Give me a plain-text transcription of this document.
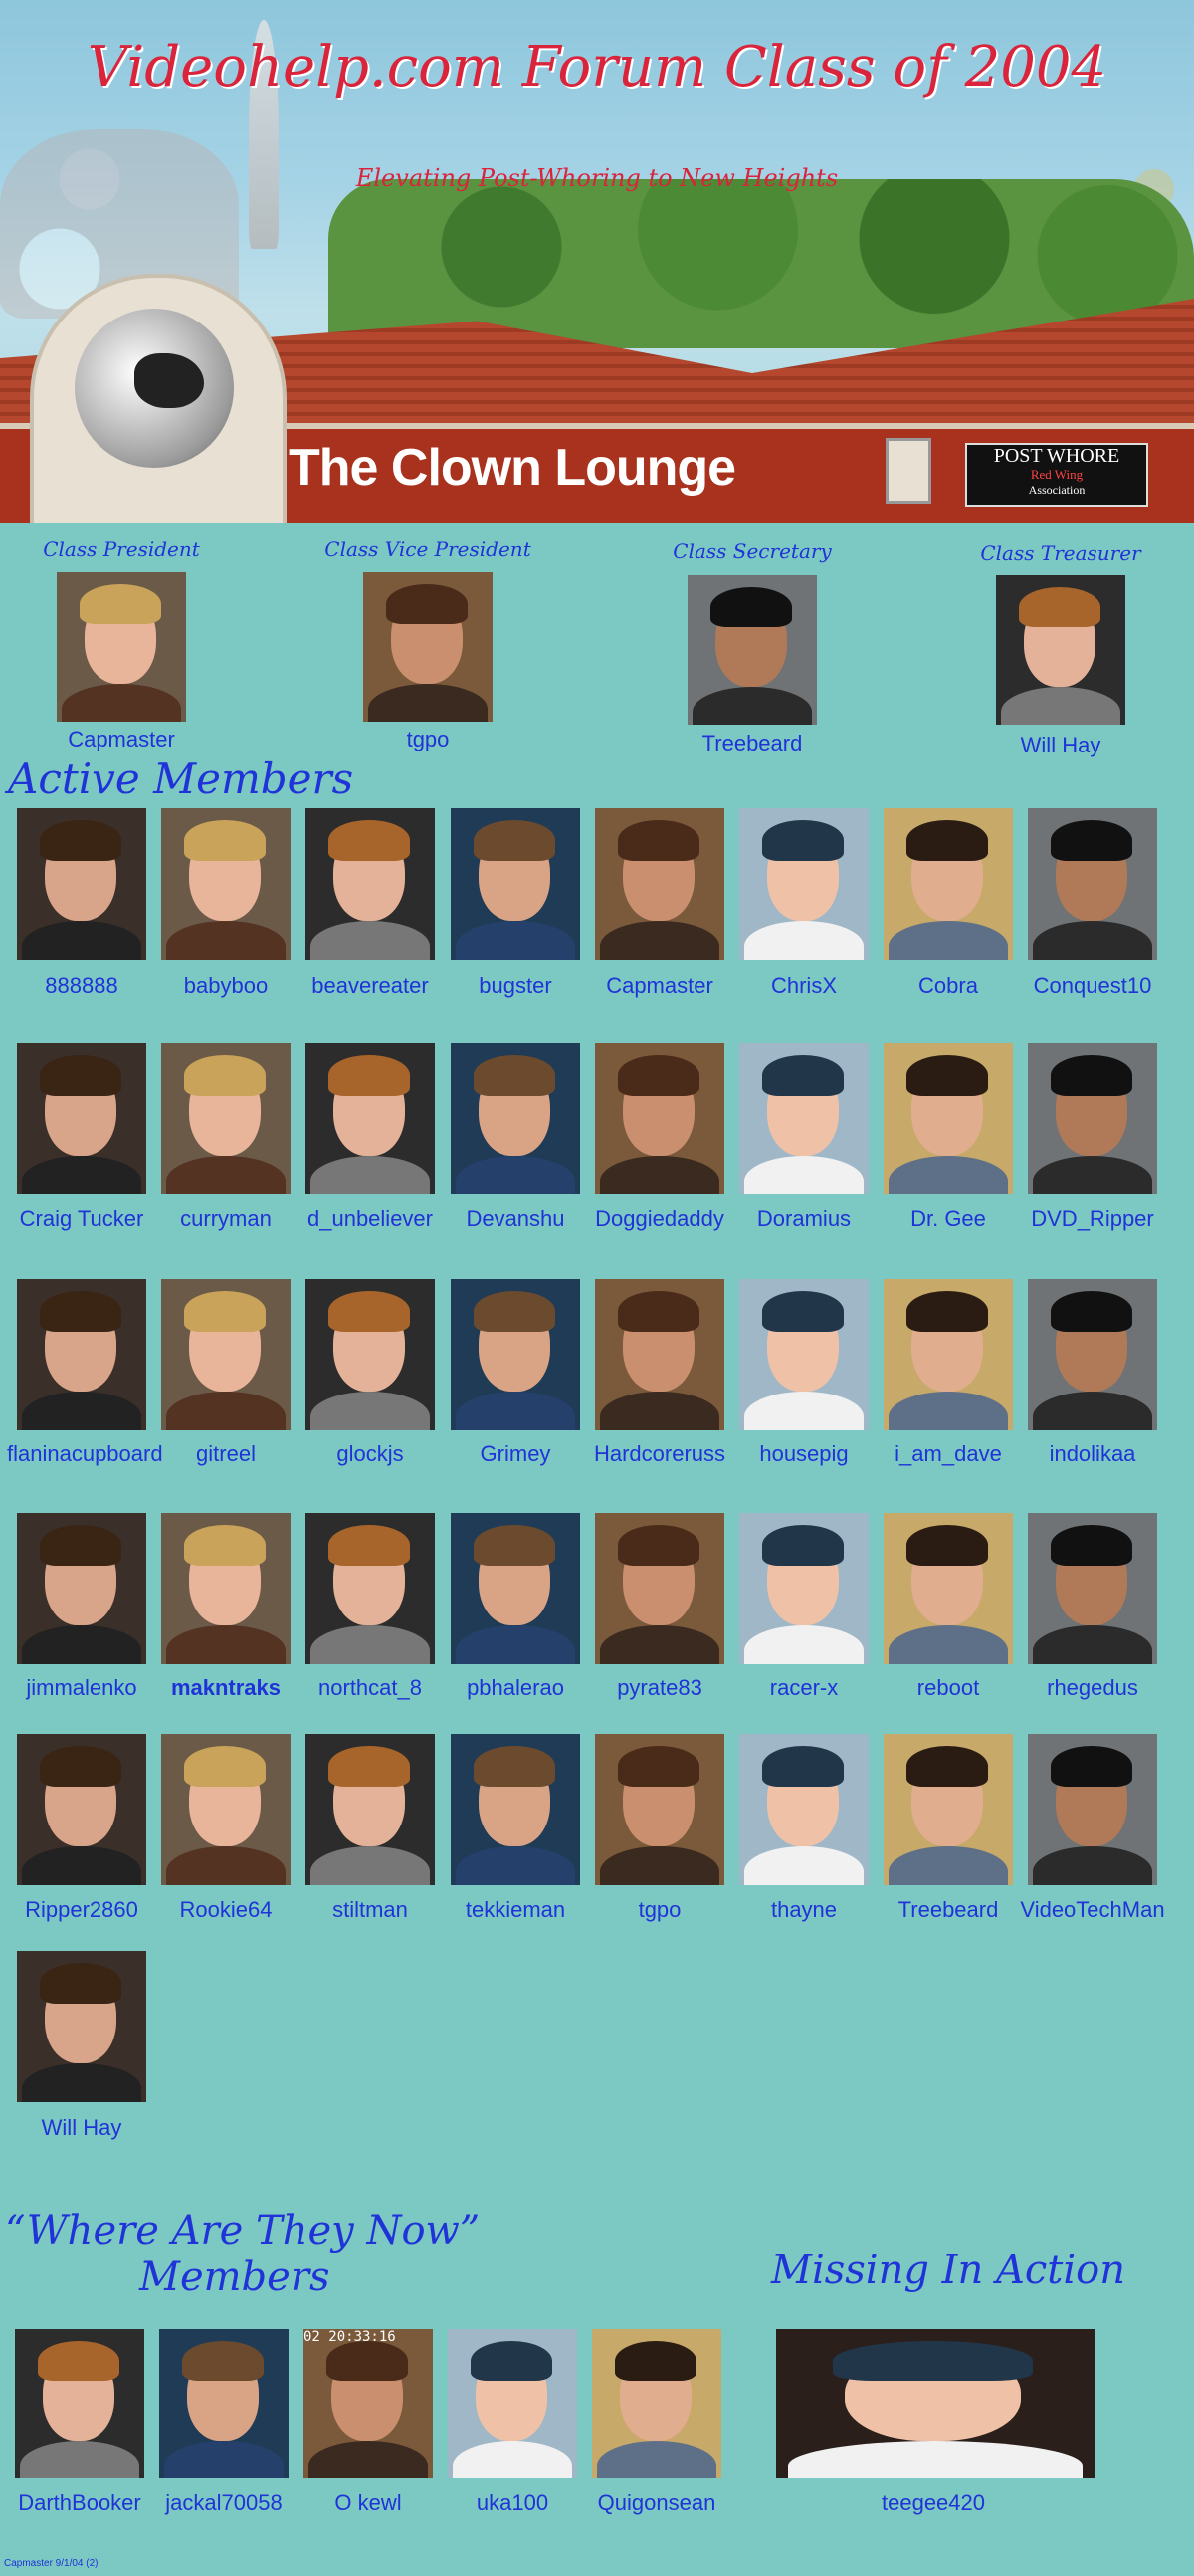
The Clown Lounge	POST WHORE
Red Wing
Association
Videohelp.com Forum Class of 2004
Elevating Post-Whoring to New Heights
Class President
Capmaster
Class Vice President
tgpo
Class Secretary
Treebeard
Class Treasurer
Will Hay
Active Members
888888	babyboo	beavereater	bugster	Capmaster	ChrisX	Cobra	Conquest10
Craig Tucker	curryman	d_unbeliever	Devanshu	Doggiedaddy	Doramius	Dr. Gee	DVD_Ripper
flaninacupboard	gitreel	glockjs	Grimey	Hardcoreruss	housepig	i_am_dave	indolikaa
jimmalenko	makntraks	northcat_8	pbhalerao	pyrate83	racer-x	reboot	rhegedus
Ripper2860	Rookie64	stiltman	tekkieman	tgpo	thayne	Treebeard	VideoTechMan
Will Hay
“Where Are They Now”
Members	Missing In Action
DarthBooker	jackal70058
02 20:33:16
O kewl	uka100	Quigonsean	teegee420
Capmaster 9/1/04 (2)
